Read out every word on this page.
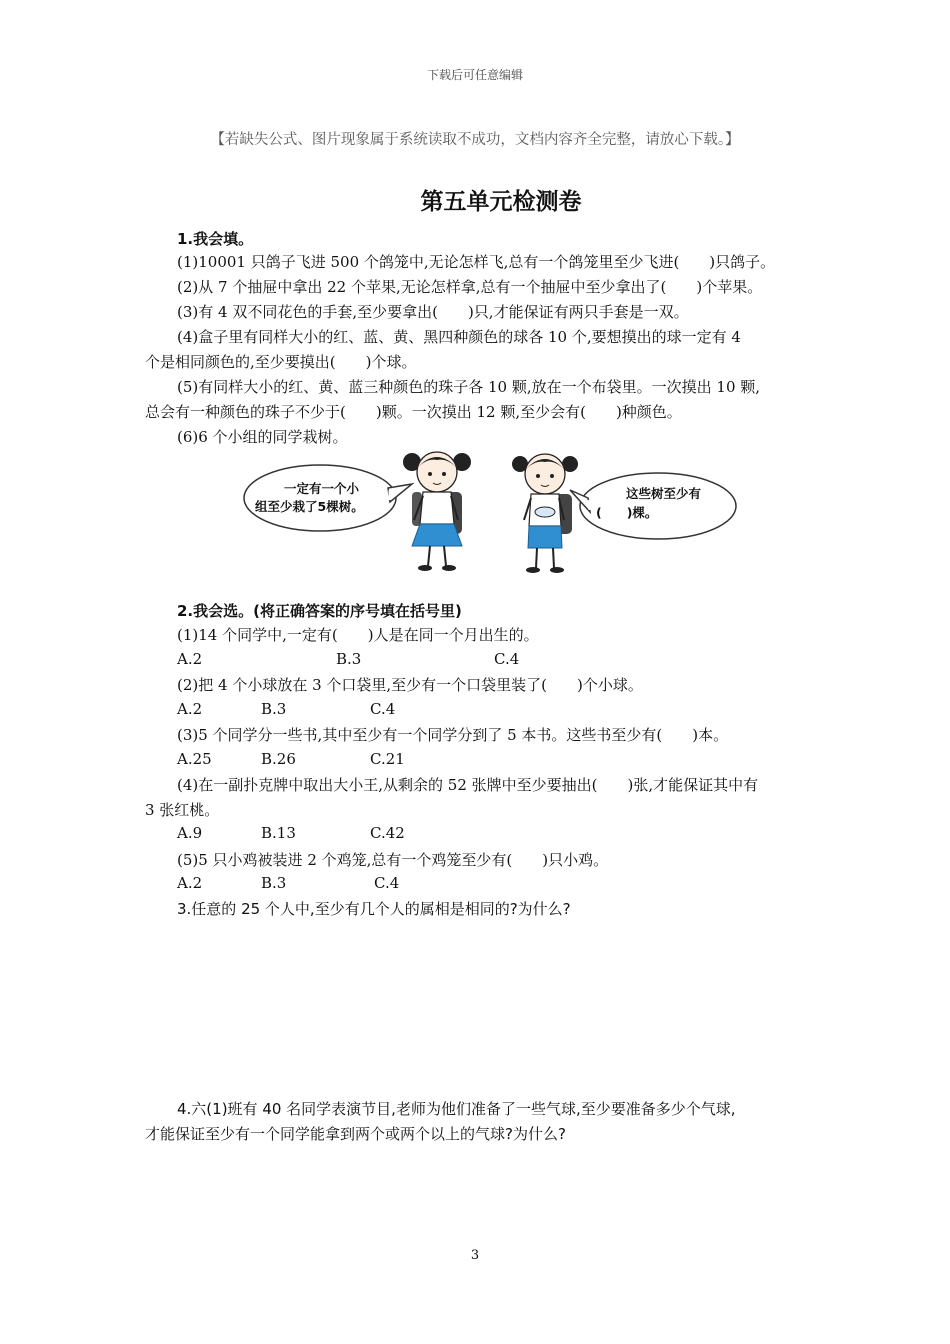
下载后可任意编辑
【若缺失公式、图片现象属于系统读取不成功，文档内容齐全完整，请放心下载。】
第五单元检测卷
1.我会填。
(1)10001 只鸽子飞进 500 个鸽笼中,无论怎样飞,总有一个鸽笼里至少飞进(　　)只鸽子。
(2)从 7 个抽屉中拿出 22 个苹果,无论怎样拿,总有一个抽屉中至少拿出了(　　)个苹果。
(3)有 4 双不同花色的手套,至少要拿出(　　)只,才能保证有两只手套是一双。
(4)盒子里有同样大小的红、蓝、黄、黑四种颜色的球各 10 个,要想摸出的球一定有 4
个是相同颜色的,至少要摸出(　　)个球。
(5)有同样大小的红、黄、蓝三种颜色的珠子各 10 颗,放在一个布袋里。一次摸出 10 颗,
总会有一种颜色的珠子不少于(　　)颗。一次摸出 12 颗,至少会有(　　)种颜色。
(6)6 个小组的同学栽树。
一定有一个小
组至少栽了5棵树。
这些树至少有
(　　)棵。
2.我会选。(将正确答案的序号填在括号里)
(1)14 个同学中,一定有(　　)人是在同一个月出生的。
A.2	B.3	C.4
(2)把 4 个小球放在 3 个口袋里,至少有一个口袋里装了(　　)个小球。
A.2	B.3	C.4
(3)5 个同学分一些书,其中至少有一个同学分到了 5 本书。这些书至少有(　　)本。
A.25	B.26	C.21
(4)在一副扑克牌中取出大小王,从剩余的 52 张牌中至少要抽出(　　)张,才能保证其中有
3 张红桃。
A.9	B.13	C.42
(5)5 只小鸡被装进 2 个鸡笼,总有一个鸡笼至少有(　　)只小鸡。
A.2	B.3	C.4
3.任意的 25 个人中,至少有几个人的属相是相同的?为什么?
4.六(1)班有 40 名同学表演节目,老师为他们准备了一些气球,至少要准备多少个气球,
才能保证至少有一个同学能拿到两个或两个以上的气球?为什么?
3
